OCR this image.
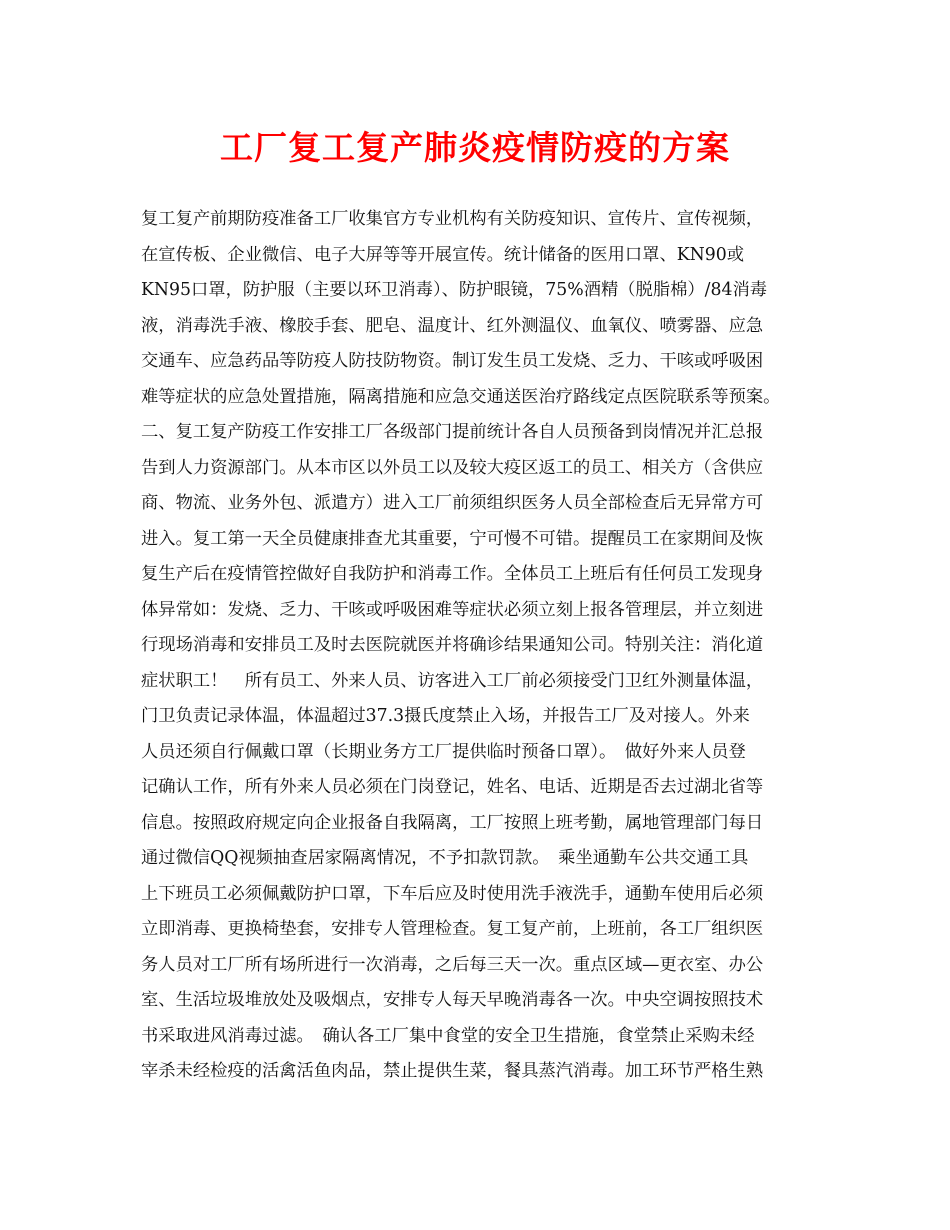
工厂复工复产肺炎疫情防疫的方案
复工复产前期防疫准备工厂收集官方专业机构有关防疫知识、宣传片、宣传视频，
在宣传板、企业微信、电子大屏等等开展宣传。统计储备的医用口罩、KN90或
KN95口罩，防护服（主要以环卫消毒）、防护眼镜，75%酒精（脱脂棉）/84消毒
液，消毒洗手液、橡胶手套、肥皂、温度计、红外测温仪、血氧仪、喷雾器、应急
交通车、应急药品等防疫人防技防物资。制订发生员工发烧、乏力、干咳或呼吸困
难等症状的应急处置措施，隔离措施和应急交通送医治疗路线定点医院联系等预案。
二、复工复产防疫工作安排工厂各级部门提前统计各自人员预备到岗情况并汇总报
告到人力资源部门。从本市区以外员工以及较大疫区返工的员工、相关方（含供应
商、物流、业务外包、派遣方）进入工厂前须组织医务人员全部检查后无异常方可
进入。复工第一天全员健康排查尤其重要，宁可慢不可错。提醒员工在家期间及恢
复生产后在疫情管控做好自我防护和消毒工作。全体员工上班后有任何员工发现身
体异常如：发烧、乏力、干咳或呼吸困难等症状必须立刻上报各管理层，并立刻进
行现场消毒和安排员工及时去医院就医并将确诊结果通知公司。特别关注：消化道
症状职工！　所有员工、外来人员、访客进入工厂前必须接受门卫红外测量体温，
门卫负责记录体温，体温超过37.3摄氏度禁止入场，并报告工厂及对接人。外来
人员还须自行佩戴口罩（长期业务方工厂提供临时预备口罩）。　做好外来人员登
记确认工作，所有外来人员必须在门岗登记，姓名、电话、近期是否去过湖北省等
信息。按照政府规定向企业报备自我隔离，工厂按照上班考勤，属地管理部门每日
通过微信QQ视频抽查居家隔离情况，不予扣款罚款。　乘坐通勤车公共交通工具
上下班员工必须佩戴防护口罩，下车后应及时使用洗手液洗手，通勤车使用后必须
立即消毒、更换椅垫套，安排专人管理检查。复工复产前，上班前，各工厂组织医
务人员对工厂所有场所进行一次消毒，之后每三天一次。重点区域—更衣室、办公
室、生活垃圾堆放处及吸烟点，安排专人每天早晚消毒各一次。中央空调按照技术
书采取进风消毒过滤。　确认各工厂集中食堂的安全卫生措施，食堂禁止采购未经
宰杀未经检疫的活禽活鱼肉品，禁止提供生菜，餐具蒸汽消毒。加工环节严格生熟
